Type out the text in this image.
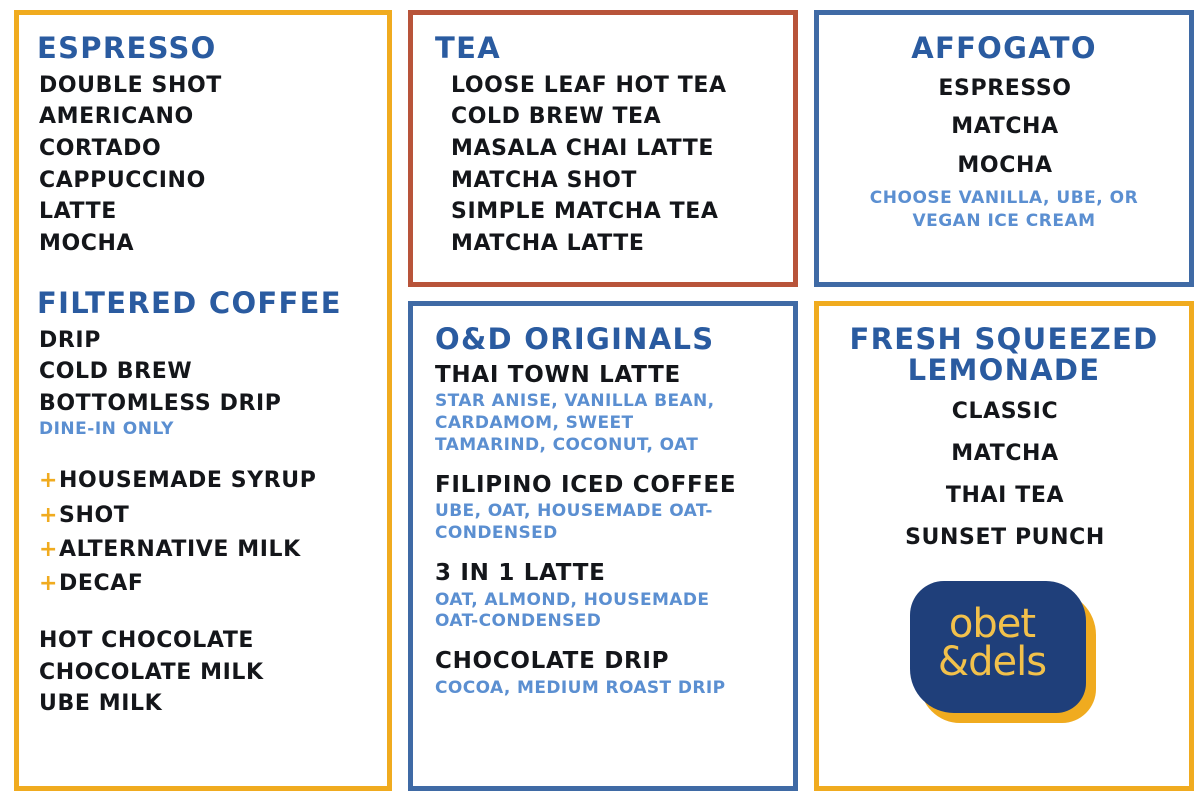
ESPRESSO
DOUBLE SHOT
AMERICANO
CORTADO
CAPPUCCINO
LATTE
MOCHA
FILTERED COFFEE
DRIP
COLD BREW
BOTTOMLESS DRIP
DINE-IN ONLY
+HOUSEMADE SYRUP
+SHOT
+ALTERNATIVE MILK
+DECAF
HOT CHOCOLATE
CHOCOLATE MILK
UBE MILK
TEA
LOOSE LEAF HOT TEA
COLD BREW TEA
MASALA CHAI LATTE
MATCHA SHOT
SIMPLE MATCHA TEA
MATCHA LATTE
AFFOGATO
ESPRESSO
MATCHA
MOCHA
CHOOSE VANILLA, UBE, OR VEGAN ICE CREAM
O&D ORIGINALS
THAI TOWN LATTE
STAR ANISE, VANILLA BEAN, CARDAMOM, SWEET TAMARIND, COCONUT, OAT
FILIPINO ICED COFFEE
UBE, OAT, HOUSEMADE OAT-CONDENSED
3 IN 1 LATTE
OAT, ALMOND, HOUSEMADE OAT-CONDENSED
CHOCOLATE DRIP
COCOA, MEDIUM ROAST DRIP
FRESH SQUEEZED
LEMONADE
CLASSIC
MATCHA
THAI TEA
SUNSET PUNCH
obet
&dels
